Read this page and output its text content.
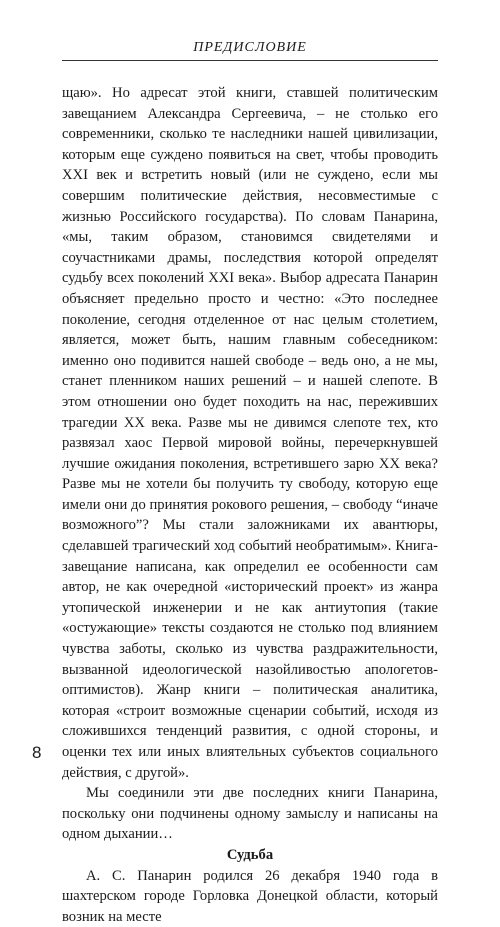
ПРЕДИСЛОВИЕ

щаю». Но адресат этой книги, ставшей политическим завещанием Александра Сергеевича, – не столько его современники, сколько те наследники нашей цивилизации, которым еще суждено появиться на свет, чтобы проводить XXI век и встретить новый (или не суждено, если мы совершим политические действия, несовместимые с жизнью Российского государства). По словам Панарина, «мы, таким образом, становимся свидетелями и соучастниками драмы, последствия которой определят судьбу всех поколений XXI века». Выбор адресата Панарин объясняет предельно просто и честно: «Это последнее поколение, сегодня отделенное от нас целым столетием, является, может быть, нашим главным собеседником: именно оно подивится нашей свободе – ведь оно, а не мы, станет пленником наших решений – и нашей слепоте. В этом отношении оно будет походить на нас, переживших трагедии XX века. Разве мы не дивимся слепоте тех, кто развязал хаос Первой мировой войны, перечеркнувшей лучшие ожидания поколения, встретившего зарю XX века? Разве мы не хотели бы получить ту свободу, которую еще имели они до принятия рокового решения, – свободу “иначе возможного”? Мы стали заложниками их авантюры, сделавшей трагический ход событий необратимым». Книга-завещание написана, как определил ее особенности сам автор, не как очередной «исторический проект» из жанра утопической инженерии и не как антиутопия (такие «остужающие» тексты создаются не столько под влиянием чувства заботы, сколько из чувства раздражительности, вызванной идеологической назойливостью апологетов-оптимистов). Жанр книги – политическая аналитика, которая «строит возможные сценарии событий, исходя из сложившихся тенденций развития, с одной стороны, и оценки тех или иных влиятельных субъектов социального действия, с другой».

Мы соединили эти две последних книги Панарина, поскольку они подчинены одному замыслу и написаны на одном дыхании…

Судьба

А. С. Панарин родился 26 декабря 1940 года в шахтерском городе Горловка Донецкой области, который возник на месте

8
